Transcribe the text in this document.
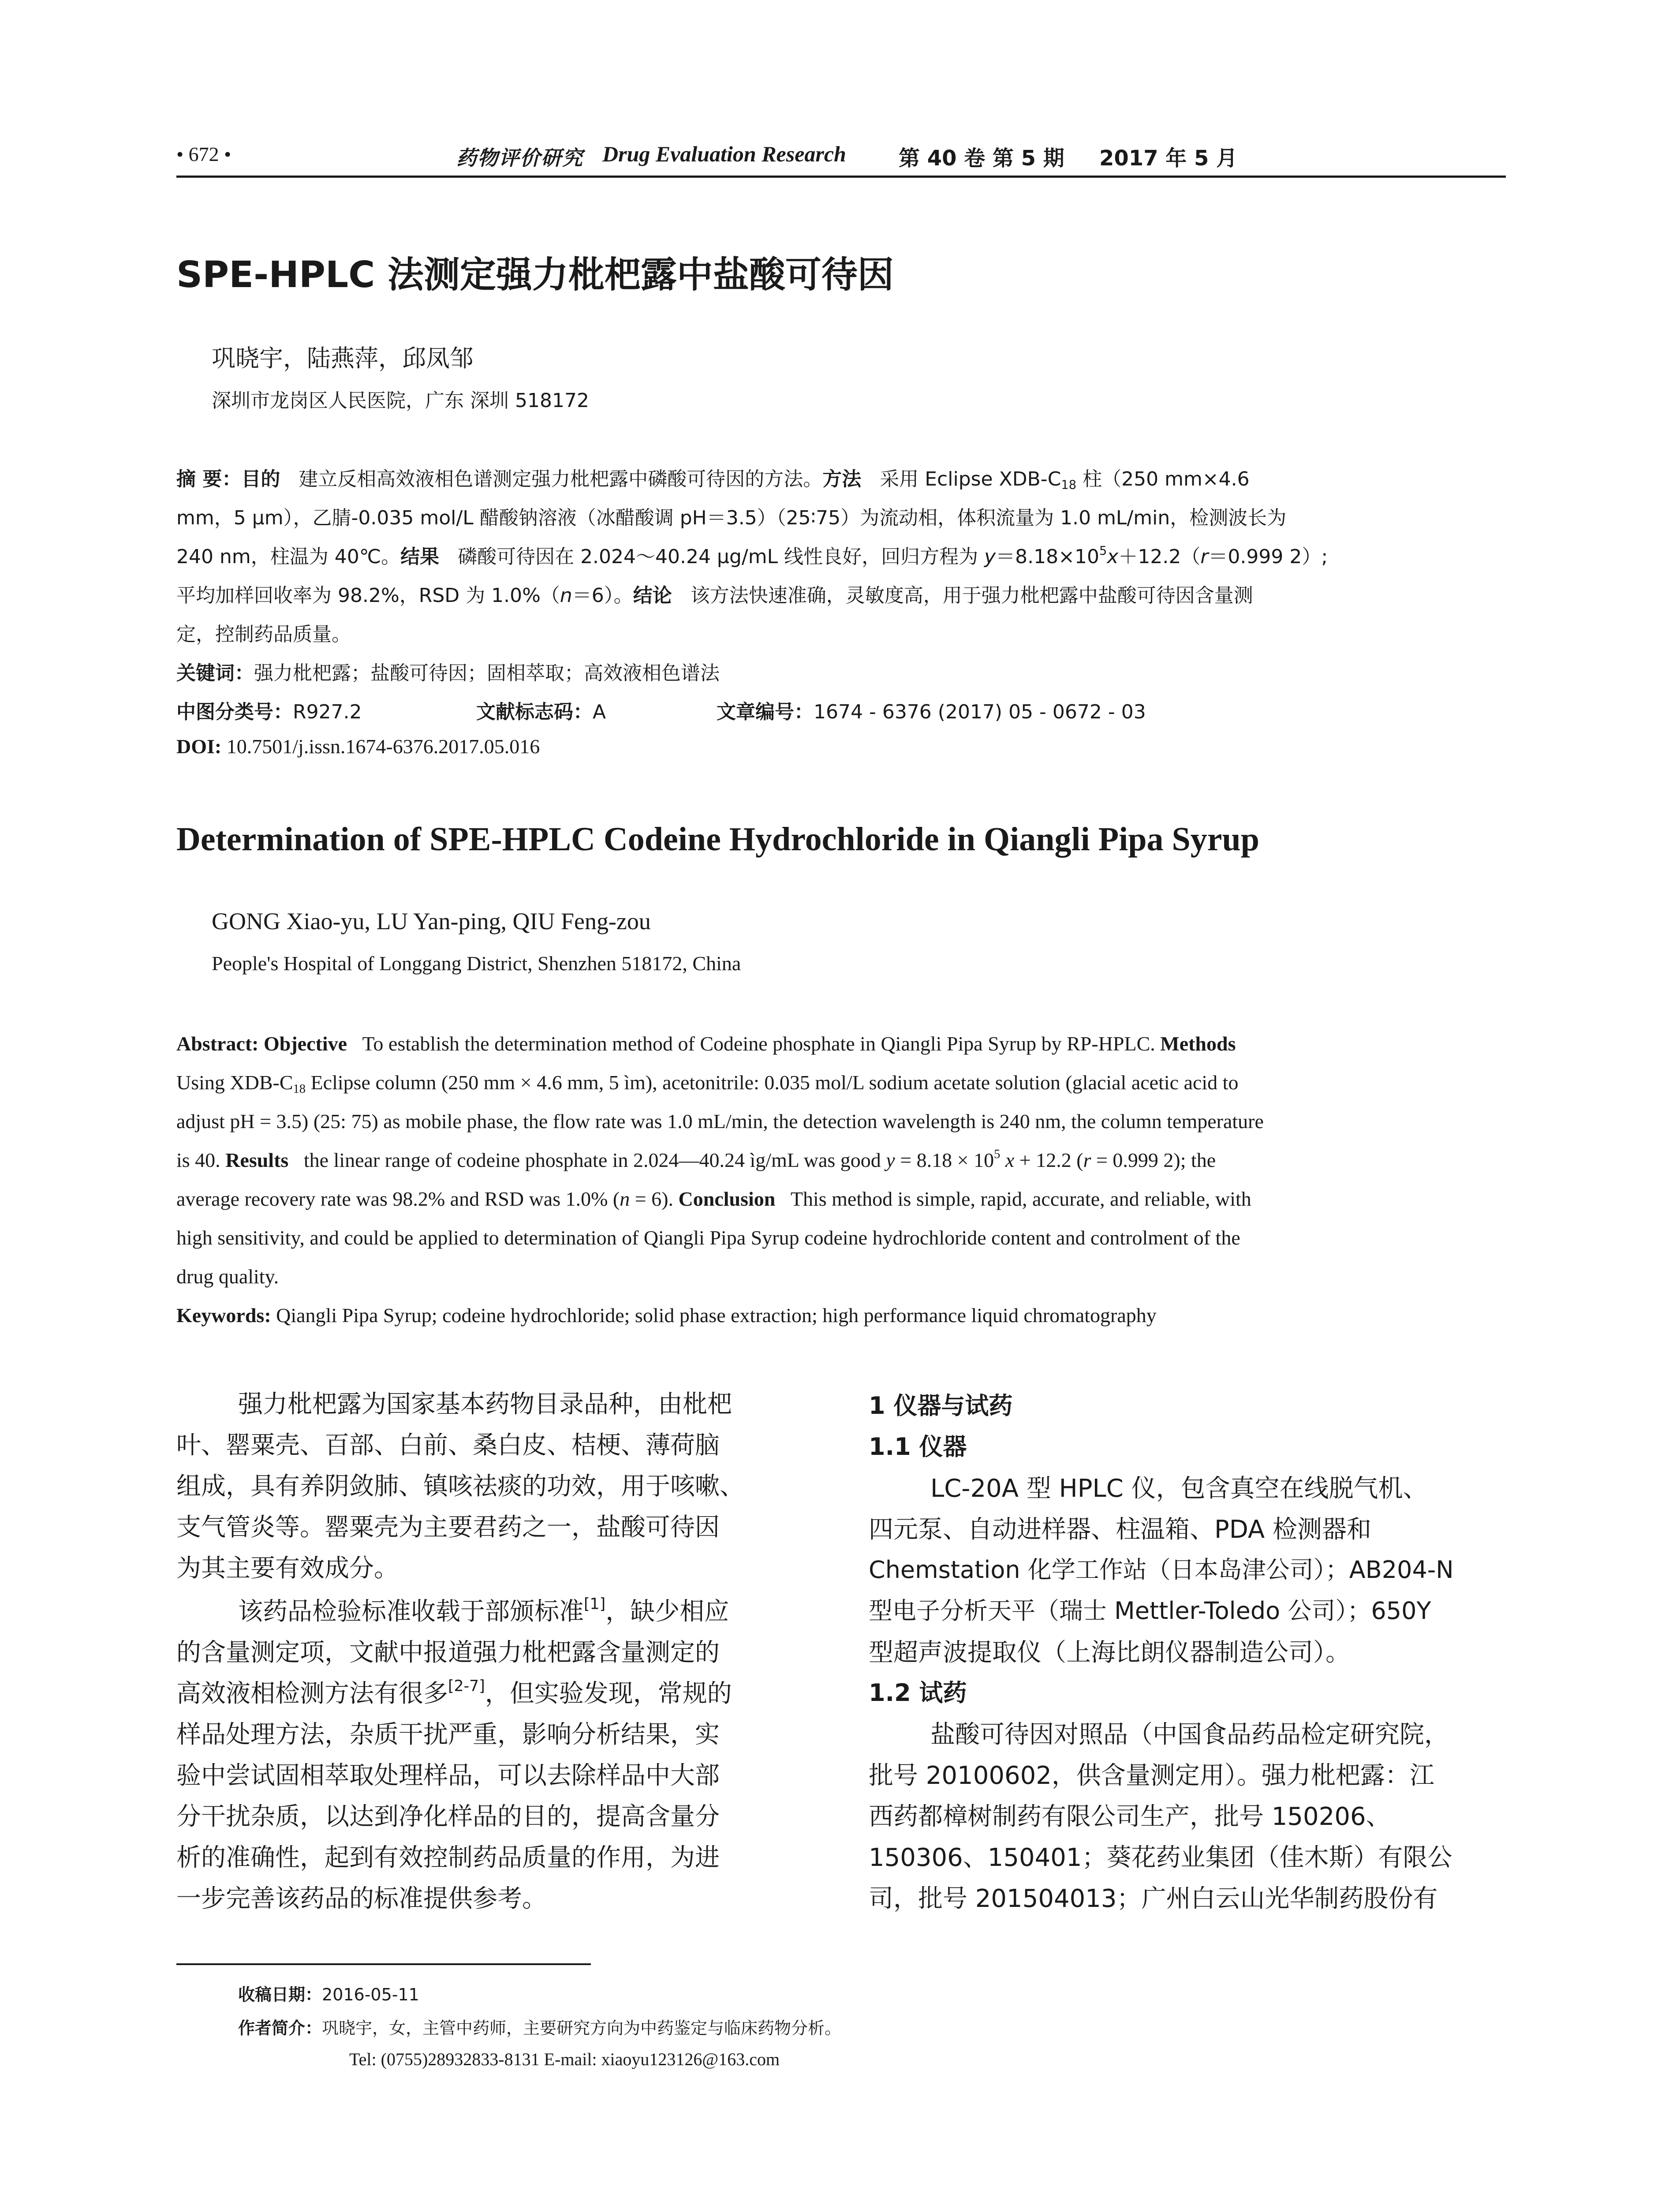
• 672 •	药物评价研究 Drug Evaluation Research 第 40 卷 第 5 期 2017 年 5 月
SPE-HPLC 法测定强力枇杷露中盐酸可待因
巩晓宇，陆燕萍，邱凤邹
深圳市龙岗区人民医院，广东 深圳 518172
摘 要：目的 建立反相高效液相色谱测定强力枇杷露中磷酸可待因的方法。方法 采用 Eclipse XDB-$C_{18}$ 柱（250 mm×4.6
mm，5 μm），乙腈-0.035 mol/L 醋酸钠溶液（冰醋酸调 pH＝3.5）（25∶75）为流动相，体积流量为 1.0 mL/min，检测波长为
240 nm，柱温为 40℃。结果 磷酸可待因在 2.024～40.24 μg/mL 线性良好，回归方程为 $y=8.18\times 10^5x+12.2(r=0.999$ 2）;
平均加样回收率为 98.2%，RSD 为 1.0%（n＝6）。结论 该方法快速准确，灵敏度高，用于强力枇杷露中盐酸可待因含量测
定，控制药品质量。
关键词：强力枇杷露；盐酸可待因；固相萃取；高效液相色谱法
中图分类号：R927.2	文献标志码：A	文章编号：1674 - 6376 (2017) 05 - 0672 - 03
DOI: 10.7501/j.issn.1674-6376.2017.05.016
Determination of SPE-HPLC Codeine Hydrochloride in Qiangli Pipa Syrup
GONG Xiao-yu, LU Yan-ping, QIU Feng-zou
People's Hospital of Longgang District, Shenzhen 518172, China
Abstract: Objective To establish the determination method of Codeine phosphate in Qiangli Pipa Syrup by RP-HPLC. Methods
Using XDB-$C_{18}$ Eclipse column (250 mm × 4.6 mm, 5 ìm), acetonitrile: 0.035 mol/L sodium acetate solution (glacial acetic acid to
adjust pH = 3.5) (25: 75) as mobile phase, the flow rate was 1.0 mL/min, the detection wavelength is 240 nm, the column temperature
is 40. Results the linear range of codeine phosphate in 2.024—40.24 ìg/mL was good $y = 8.18 \times 10^5$ x + 12.2 (r = 0.999 2); the
average recovery rate was 98.2% and RSD was 1.0% (n = 6). Conclusion This method is simple, rapid, accurate, and reliable, with
high sensitivity, and could be applied to determination of Qiangli Pipa Syrup codeine hydrochloride content and controlment of the
drug quality.
Keywords: Qiangli Pipa Syrup; codeine hydrochloride; solid phase extraction; high performance liquid chromatography
强力枇杷露为国家基本药物目录品种，由枇杷
叶、罂粟壳、百部、白前、桑白皮、桔梗、薄荷脑
组成，具有养阴敛肺、镇咳祛痰的功效，用于咳嗽、
支气管炎等。罂粟壳为主要君药之一，盐酸可待因
为其主要有效成分。
该药品检验标准收载于部颁标准[1]，缺少相应
的含量测定项，文献中报道强力枇杷露含量测定的
高效液相检测方法有很多[2-7]，但实验发现，常规的
样品处理方法，杂质干扰严重，影响分析结果，实
验中尝试固相萃取处理样品，可以去除样品中大部
分干扰杂质，以达到净化样品的目的，提高含量分
析的准确性，起到有效控制药品质量的作用，为进
一步完善该药品的标准提供参考。
1 仪器与试药
1.1 仪器
LC-20A 型 HPLC 仪，包含真空在线脱气机、
四元泵、自动进样器、柱温箱、PDA 检测器和
Chemstation 化学工作站（日本岛津公司）；AB204-N
型电子分析天平（瑞士 Mettler-Toledo 公司）；650Y
型超声波提取仪（上海比朗仪器制造公司）。
1.2 试药
盐酸可待因对照品（中国食品药品检定研究院，
批号 20100602，供含量测定用）。强力枇杷露：江
西药都樟树制药有限公司生产，批号 150206、
150306、150401；葵花药业集团（佳木斯）有限公
司，批号 201504013；广州白云山光华制药股份有
收稿日期：2016-05-11
作者简介：巩晓宇，女，主管中药师，主要研究方向为中药鉴定与临床药物分析。
Tel: (0755)28932833-8131 E-mail: xiaoyu123126@163.com
